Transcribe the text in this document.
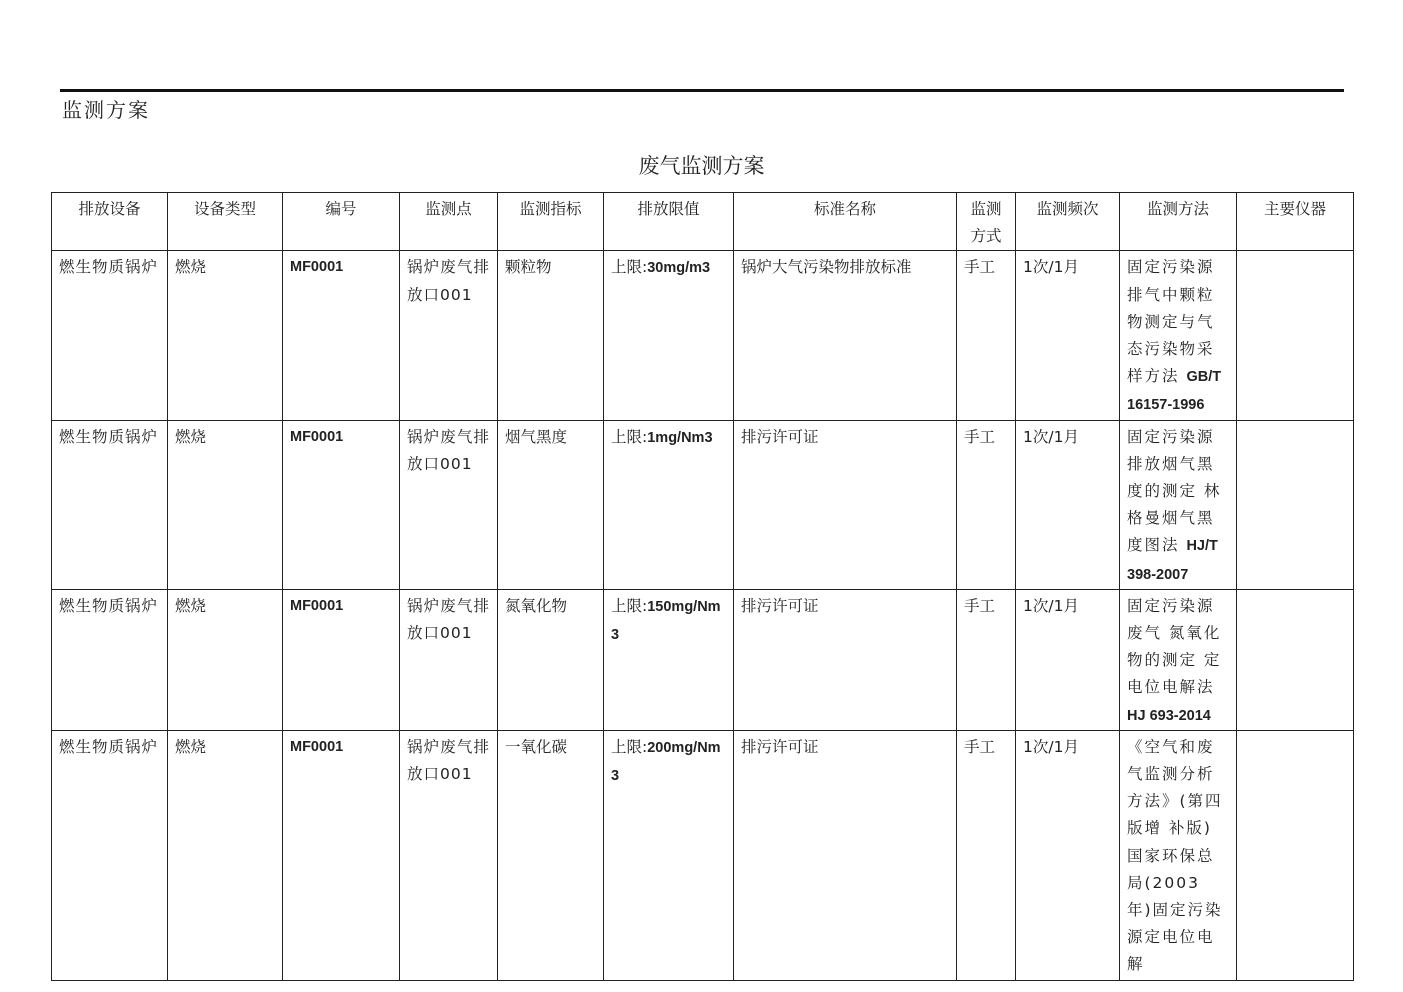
监测方案
废气监测方案
排放设备	设备类型	编号	监测点	监测指标	排放限值	标准名称	监测方式	监测频次	监测方法	主要仪器
燃生物质锅炉	燃烧	MF0001	锅炉废气排放口001	颗粒物	上限:30mg/m3	锅炉大气污染物排放标准	手工	1次/1月	固定污染源排气中颗粒物测定与气态污染物采样方法 GB/T 16157-1996	
燃生物质锅炉	燃烧	MF0001	锅炉废气排放口001	烟气黑度	上限:1mg/Nm3	排污许可证	手工	1次/1月	固定污染源排放烟气黑度的测定 林格曼烟气黑度图法 HJ/T 398-2007	
燃生物质锅炉	燃烧	MF0001	锅炉废气排放口001	氮氧化物	上限:150mg/Nm3	排污许可证	手工	1次/1月	固定污染源废气 氮氧化物的测定 定电位电解法 HJ 693-2014	
燃生物质锅炉	燃烧	MF0001	锅炉废气排放口001	一氧化碳	上限:200mg/Nm3	排污许可证	手工	1次/1月	《空气和废气监测分析方法》(第四版增 补版)国家环保总局(2003 年)固定污染 源定电位电解	
